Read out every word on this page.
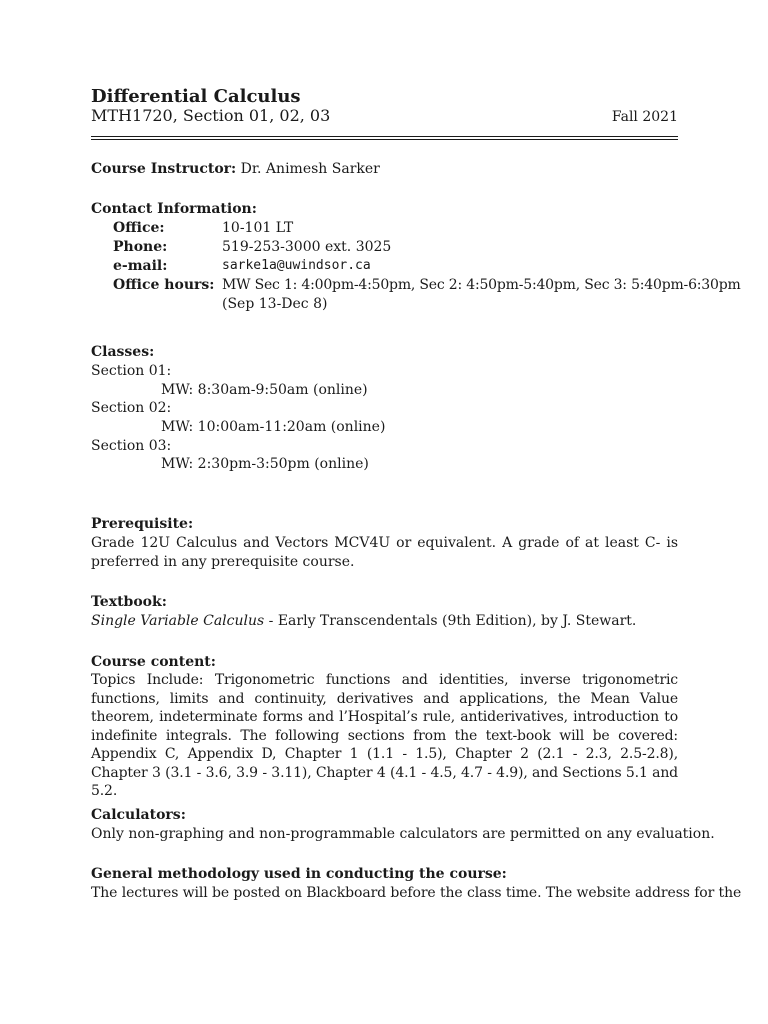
Differential Calculus
MTH1720, Section 01, 02, 03	Fall 2021
Course Instructor: Dr. Animesh Sarker
Contact Information:
Office:	10-101 LT
Phone:	519-253-3000 ext. 3025
e-mail:	sarke1a@uwindsor.ca
Office hours: MW Sec 1: 4:00pm-4:50pm, Sec 2: 4:50pm-5:40pm, Sec 3: 5:40pm-6:30pm
(Sep 13-Dec 8)
Classes:
Section 01:
MW: 8:30am-9:50am (online)
Section 02:
MW: 10:00am-11:20am (online)
Section 03:
MW: 2:30pm-3:50pm (online)
Prerequisite:
Grade 12U Calculus and Vectors MCV4U or equivalent. A grade of at least C- is preferred in any prerequisite course.
Textbook:
Single Variable Calculus - Early Transcendentals (9th Edition), by J. Stewart.
Course content:
Topics Include: Trigonometric functions and identities, inverse trigonometric functions, limits and continuity, derivatives and applications, the Mean Value theorem, indeterminate forms and l’Hospital’s rule, antiderivatives, introduction to indefinite integrals. The following sections from the text-book will be covered: Appendix C, Appendix D, Chapter 1 (1.1 - 1.5), Chapter 2 (2.1 - 2.3, 2.5-2.8), Chapter 3 (3.1 - 3.6, 3.9 - 3.11), Chapter 4 (4.1 - 4.5, 4.7 - 4.9), and Sections 5.1 and 5.2.
Calculators:
Only non-graphing and non-programmable calculators are permitted on any evaluation.
General methodology used in conducting the course:
The lectures will be posted on Blackboard before the class time. The website address for the
